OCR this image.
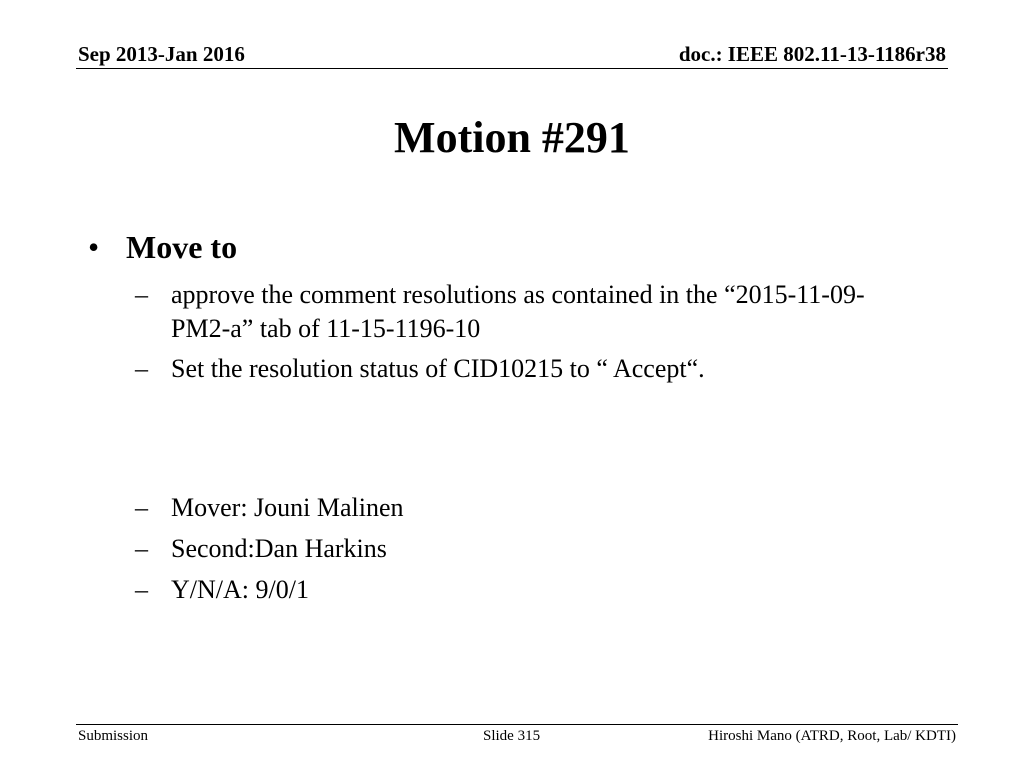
Sep 2013-Jan 2016	doc.: IEEE 802.11-13-1186r38
Motion #291
• Move to
– approve the comment resolutions as contained in the “2015-11-09-
PM2-a” tab of 11-15-1196-10
– Set the resolution status of CID10215 to “ Accept“.
– Mover: Jouni Malinen
– Second:Dan Harkins
– Y/N/A: 9/0/1
Submission	Slide 315	Hiroshi Mano (ATRD, Root, Lab/ KDTI)
